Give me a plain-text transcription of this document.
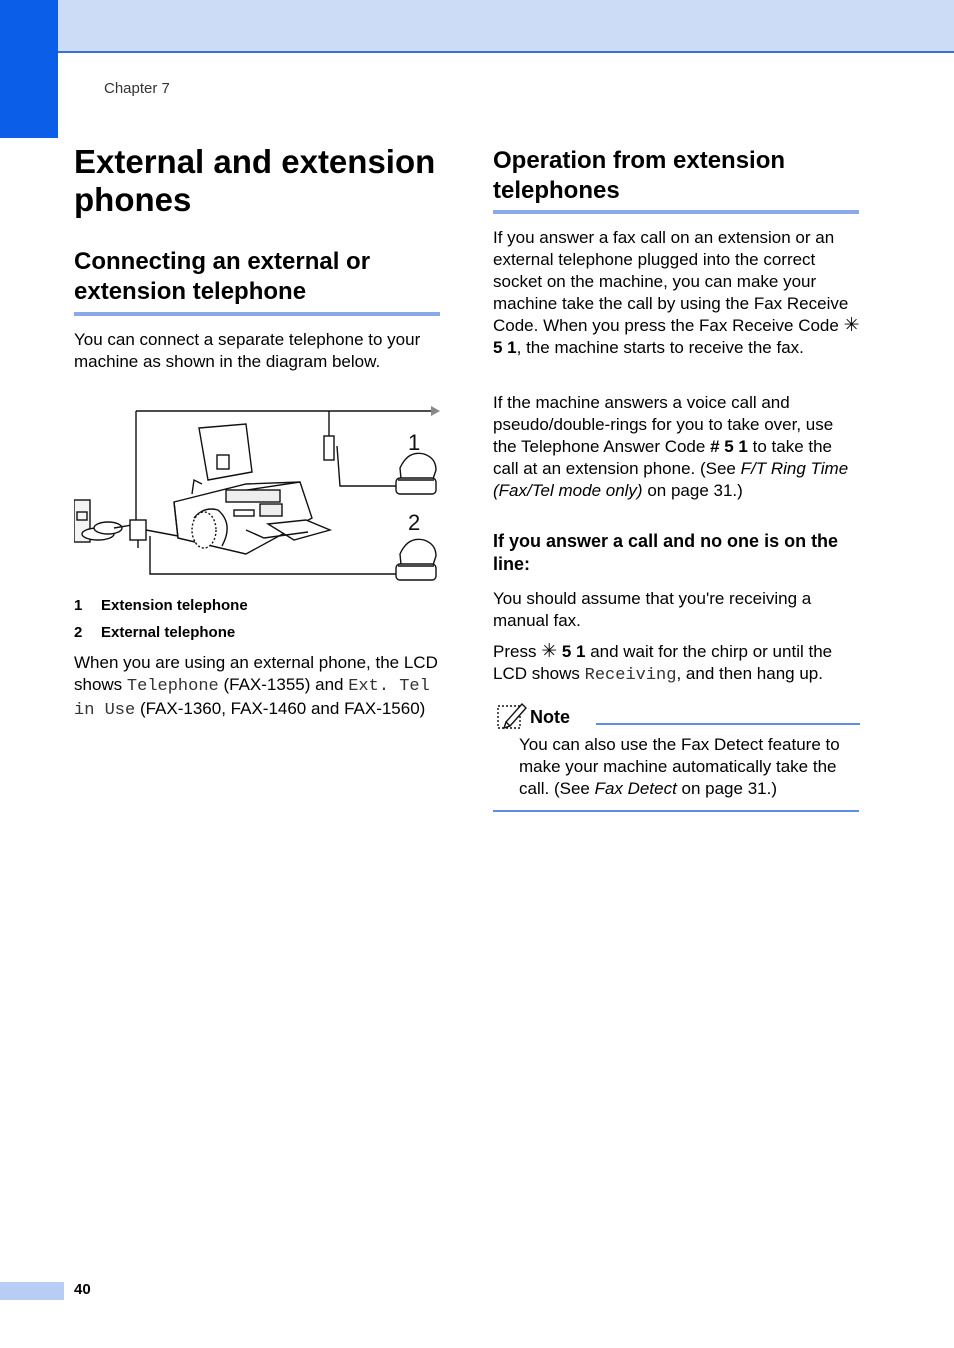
Chapter 7
External and extension phones
Connecting an external or extension telephone

You can connect a separate telephone to your machine as shown in the diagram below.

1
2
1 Extension telephone
2 External telephone

When you are using an external phone, the LCD shows Telephone (FAX-1355) and Ext. Tel in Use (FAX-1360, FAX-1460 and FAX-1560)

Operation from extension telephones

If you answer a fax call on an extension or an external telephone plugged into the correct socket on the machine, you can make your machine take the call by using the Fax Receive Code. When you press the Fax Receive Code ✳ 5 1, the machine starts to receive the fax.

If the machine answers a voice call and pseudo/double-rings for you to take over, use the Telephone Answer Code # 5 1 to take the call at an extension phone. (See F/T Ring Time (Fax/Tel mode only) on page 31.)

If you answer a call and no one is on the line:

You should assume that you're receiving a manual fax.

Press ✳ 5 1 and wait for the chirp or until the LCD shows Receiving, and then hang up.

Note

You can also use the Fax Detect feature to make your machine automatically take the call. (See Fax Detect on page 31.)

40
